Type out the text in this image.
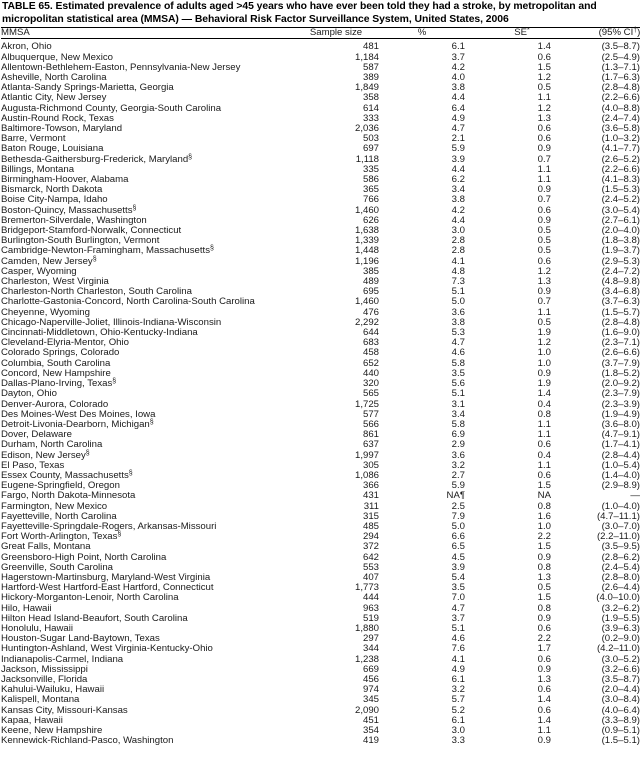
TABLE 65. Estimated prevalence of adults aged >45 years who have ever been told they had a stroke, by metropolitan and
micropolitan statistical area (MMSA) — Behavioral Risk Factor Surveillance System, United States, 2006
MMSA	Sample size	%	SE*	(95% CI†)
Akron, Ohio	481	6.1	1.4	(3.5–8.7)
Albuquerque, New Mexico	1,184	3.7	0.6	(2.5–4.9)
Allentown-Bethlehem-Easton, Pennsylvania-New Jersey	587	4.2	1.5	(1.3–7.1)
Asheville, North Carolina	389	4.0	1.2	(1.7–6.3)
Atlanta-Sandy Springs-Marietta, Georgia	1,849	3.8	0.5	(2.8–4.8)
Atlantic City, New Jersey	358	4.4	1.1	(2.2–6.6)
Augusta-Richmond County, Georgia-South Carolina	614	6.4	1.2	(4.0–8.8)
Austin-Round Rock, Texas	333	4.9	1.3	(2.4–7.4)
Baltimore-Towson, Maryland	2,036	4.7	0.6	(3.6–5.8)
Barre, Vermont	503	2.1	0.6	(1.0–3.2)
Baton Rouge, Louisiana	697	5.9	0.9	(4.1–7.7)
Bethesda-Gaithersburg-Frederick, Maryland§	1,118	3.9	0.7	(2.6–5.2)
Billings, Montana	335	4.4	1.1	(2.2–6.6)
Birmingham-Hoover, Alabama	586	6.2	1.1	(4.1–8.3)
Bismarck, North Dakota	365	3.4	0.9	(1.5–5.3)
Boise City-Nampa, Idaho	766	3.8	0.7	(2.4–5.2)
Boston-Quincy, Massachusetts§	1,460	4.2	0.6	(3.0–5.4)
Bremerton-Silverdale, Washington	626	4.4	0.9	(2.7–6.1)
Bridgeport-Stamford-Norwalk, Connecticut	1,638	3.0	0.5	(2.0–4.0)
Burlington-South Burlington, Vermont	1,339	2.8	0.5	(1.8–3.8)
Cambridge-Newton-Framingham, Massachusetts§	1,448	2.8	0.5	(1.9–3.7)
Camden, New Jersey§	1,196	4.1	0.6	(2.9–5.3)
Casper, Wyoming	385	4.8	1.2	(2.4–7.2)
Charleston, West Virginia	489	7.3	1.3	(4.8–9.8)
Charleston-North Charleston, South Carolina	695	5.1	0.9	(3.4–6.8)
Charlotte-Gastonia-Concord, North Carolina-South Carolina	1,460	5.0	0.7	(3.7–6.3)
Cheyenne, Wyoming	476	3.6	1.1	(1.5–5.7)
Chicago-Naperville-Joliet, Illinois-Indiana-Wisconsin	2,292	3.8	0.5	(2.8–4.8)
Cincinnati-Middletown, Ohio-Kentucky-Indiana	644	5.3	1.9	(1.6–9.0)
Cleveland-Elyria-Mentor, Ohio	683	4.7	1.2	(2.3–7.1)
Colorado Springs, Colorado	458	4.6	1.0	(2.6–6.6)
Columbia, South Carolina	652	5.8	1.0	(3.7–7.9)
Concord, New Hampshire	440	3.5	0.9	(1.8–5.2)
Dallas-Plano-Irving, Texas§	320	5.6	1.9	(2.0–9.2)
Dayton, Ohio	565	5.1	1.4	(2.3–7.9)
Denver-Aurora, Colorado	1,725	3.1	0.4	(2.3–3.9)
Des Moines-West Des Moines, Iowa	577	3.4	0.8	(1.9–4.9)
Detroit-Livonia-Dearborn, Michigan§	566	5.8	1.1	(3.6–8.0)
Dover, Delaware	861	6.9	1.1	(4.7–9.1)
Durham, North Carolina	637	2.9	0.6	(1.7–4.1)
Edison, New Jersey§	1,997	3.6	0.4	(2.8–4.4)
El Paso, Texas	305	3.2	1.1	(1.0–5.4)
Essex County, Massachusetts§	1,086	2.7	0.6	(1.4–4.0)
Eugene-Springfield, Oregon	366	5.9	1.5	(2.9–8.9)
Fargo, North Dakota-Minnesota	431	NA¶	NA	—
Farmington, New Mexico	311	2.5	0.8	(1.0–4.0)
Fayetteville, North Carolina	315	7.9	1.6	(4.7–11.1)
Fayetteville-Springdale-Rogers, Arkansas-Missouri	485	5.0	1.0	(3.0–7.0)
Fort Worth-Arlington, Texas§	294	6.6	2.2	(2.2–11.0)
Great Falls, Montana	372	6.5	1.5	(3.5–9.5)
Greensboro-High Point, North Carolina	642	4.5	0.9	(2.8–6.2)
Greenville, South Carolina	553	3.9	0.8	(2.4–5.4)
Hagerstown-Martinsburg, Maryland-West Virginia	407	5.4	1.3	(2.8–8.0)
Hartford-West Hartford-East Hartford, Connecticut	1,773	3.5	0.5	(2.6–4.4)
Hickory-Morganton-Lenoir, North Carolina	444	7.0	1.5	(4.0–10.0)
Hilo, Hawaii	963	4.7	0.8	(3.2–6.2)
Hilton Head Island-Beaufort, South Carolina	519	3.7	0.9	(1.9–5.5)
Honolulu, Hawaii	1,880	5.1	0.6	(3.9–6.3)
Houston-Sugar Land-Baytown, Texas	297	4.6	2.2	(0.2–9.0)
Huntington-Ashland, West Virginia-Kentucky-Ohio	344	7.6	1.7	(4.2–11.0)
Indianapolis-Carmel, Indiana	1,238	4.1	0.6	(3.0–5.2)
Jackson, Mississippi	669	4.9	0.9	(3.2–6.6)
Jacksonville, Florida	456	6.1	1.3	(3.5–8.7)
Kahului-Wailuku, Hawaii	974	3.2	0.6	(2.0–4.4)
Kalispell, Montana	345	5.7	1.4	(3.0–8.4)
Kansas City, Missouri-Kansas	2,090	5.2	0.6	(4.0–6.4)
Kapaa, Hawaii	451	6.1	1.4	(3.3–8.9)
Keene, New Hampshire	354	3.0	1.1	(0.9–5.1)
Kennewick-Richland-Pasco, Washington	419	3.3	0.9	(1.5–5.1)
